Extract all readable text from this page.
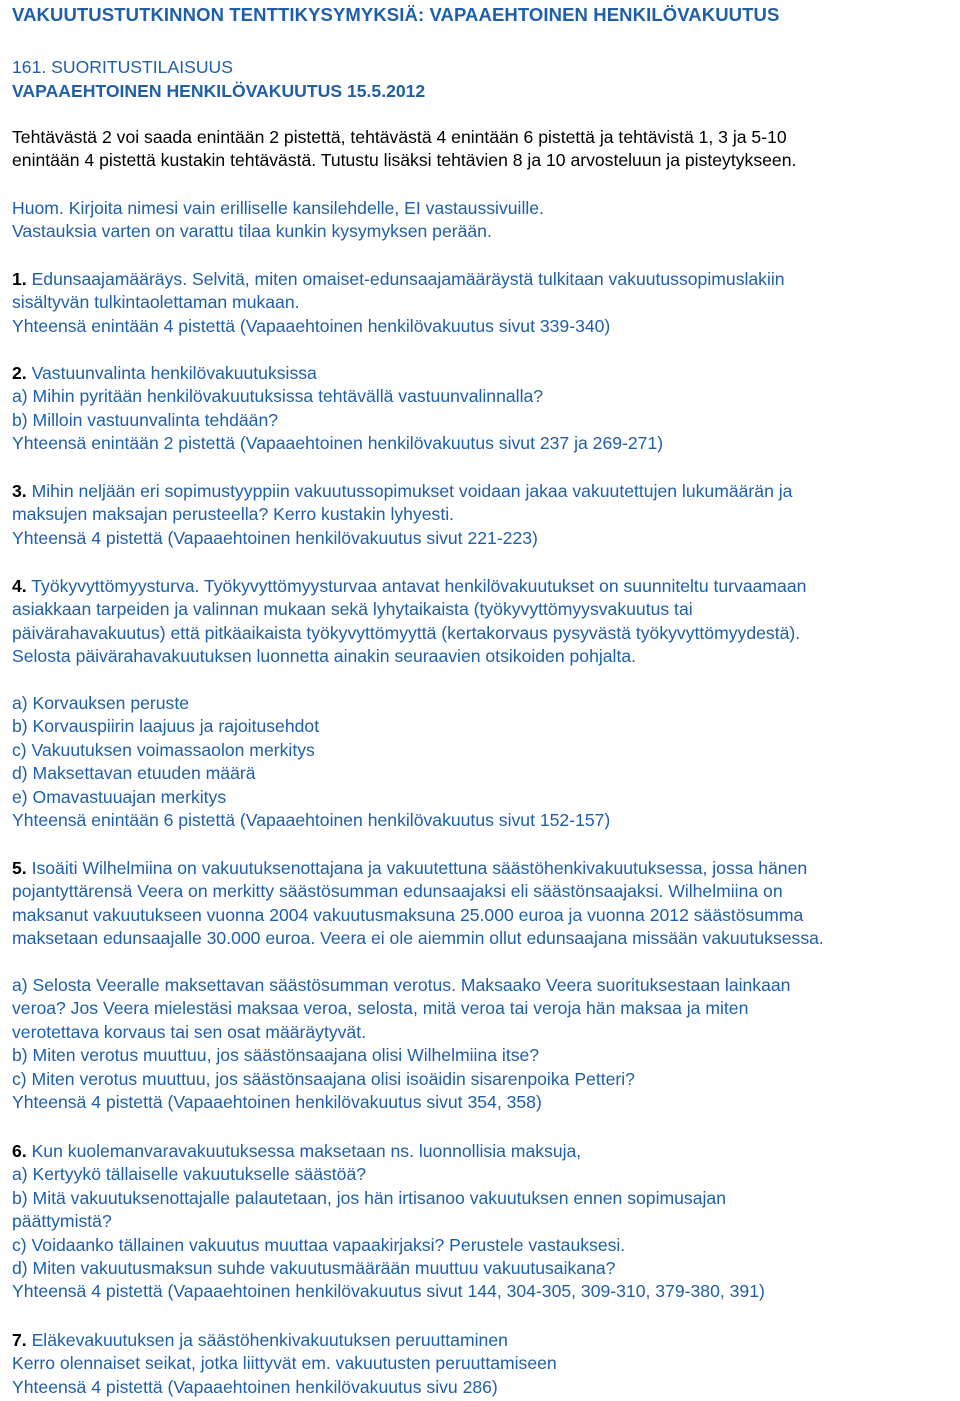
VAKUUTUSTUTKINNON TENTTIKYSYMYKSIÄ: VAPAAEHTOINEN HENKILÖVAKUUTUS
161. SUORITUSTILAISUUS
VAPAAEHTOINEN HENKILÖVAKUUTUS 15.5.2012

Tehtävästä 2 voi saada enintään 2 pistettä, tehtävästä 4 enintään 6 pistettä ja tehtävistä 1, 3 ja 5-10

enintään 4 pistettä kustakin tehtävästä. Tutustu lisäksi tehtävien 8 ja 10 arvosteluun ja pisteytykseen.

Huom. Kirjoita nimesi vain erilliselle kansilehdelle, EI vastaussivuille.

Vastauksia varten on varattu tilaa kunkin kysymyksen perään.

1. Edunsaajamääräys. Selvitä, miten omaiset-edunsaajamääräystä tulkitaan vakuutussopimuslakiin

sisältyvän tulkintaolettaman mukaan.

Yhteensä enintään 4 pistettä (Vapaaehtoinen henkilövakuutus sivut 339-340)

2. Vastuunvalinta henkilövakuutuksissa

a) Mihin pyritään henkilövakuutuksissa tehtävällä vastuunvalinnalla?

b) Milloin vastuunvalinta tehdään?

Yhteensä enintään 2 pistettä (Vapaaehtoinen henkilövakuutus sivut 237 ja 269-271)

3. Mihin neljään eri sopimustyyppiin vakuutussopimukset voidaan jakaa vakuutettujen lukumäärän ja

maksujen maksajan perusteella? Kerro kustakin lyhyesti.

Yhteensä 4 pistettä (Vapaaehtoinen henkilövakuutus sivut 221-223)

4. Työkyvyttömyysturva. Työkyvyttömyysturvaa antavat henkilövakuutukset on suunniteltu turvaamaan

asiakkaan tarpeiden ja valinnan mukaan sekä lyhytaikaista (työkyvyttömyysvakuutus tai

päivärahavakuutus) että pitkäaikaista työkyvyttömyyttä (kertakorvaus pysyvästä työkyvyttömyydestä).

Selosta päivärahavakuutuksen luonnetta ainakin seuraavien otsikoiden pohjalta.

a) Korvauksen peruste

b) Korvauspiirin laajuus ja rajoitusehdot

c) Vakuutuksen voimassaolon merkitys

d) Maksettavan etuuden määrä

e) Omavastuuajan merkitys

Yhteensä enintään 6 pistettä (Vapaaehtoinen henkilövakuutus sivut 152-157)

5. Isoäiti Wilhelmiina on vakuutuksenottajana ja vakuutettuna säästöhenkivakuutuksessa, jossa hänen

pojantyttärensä Veera on merkitty säästösumman edunsaajaksi eli säästönsaajaksi. Wilhelmiina on

maksanut vakuutukseen vuonna 2004 vakuutusmaksuna 25.000 euroa ja vuonna 2012 säästösumma

maksetaan edunsaajalle 30.000 euroa. Veera ei ole aiemmin ollut edunsaajana missään vakuutuksessa.

a) Selosta Veeralle maksettavan säästösumman verotus. Maksaako Veera suorituksestaan lainkaan

veroa? Jos Veera mielestäsi maksaa veroa, selosta, mitä veroa tai veroja hän maksaa ja miten

verotettava korvaus tai sen osat määräytyvät.

b) Miten verotus muuttuu, jos säästönsaajana olisi Wilhelmiina itse?

c) Miten verotus muuttuu, jos säästönsaajana olisi isoäidin sisarenpoika Petteri?

Yhteensä 4 pistettä (Vapaaehtoinen henkilövakuutus sivut 354, 358)

6. Kun kuolemanvaravakuutuksessa maksetaan ns. luonnollisia maksuja,

a) Kertyykö tällaiselle vakuutukselle säästöä?

b) Mitä vakuutuksenottajalle palautetaan, jos hän irtisanoo vakuutuksen ennen sopimusajan

päättymistä?

c) Voidaanko tällainen vakuutus muuttaa vapaakirjaksi? Perustele vastauksesi.

d) Miten vakuutusmaksun suhde vakuutusmäärään muuttuu vakuutusaikana?

Yhteensä 4 pistettä (Vapaaehtoinen henkilövakuutus sivut 144, 304-305, 309-310, 379-380, 391)

7. Eläkevakuutuksen ja säästöhenkivakuutuksen peruuttaminen

Kerro olennaiset seikat, jotka liittyvät em. vakuutusten peruuttamiseen

Yhteensä 4 pistettä (Vapaaehtoinen henkilövakuutus sivu 286)
